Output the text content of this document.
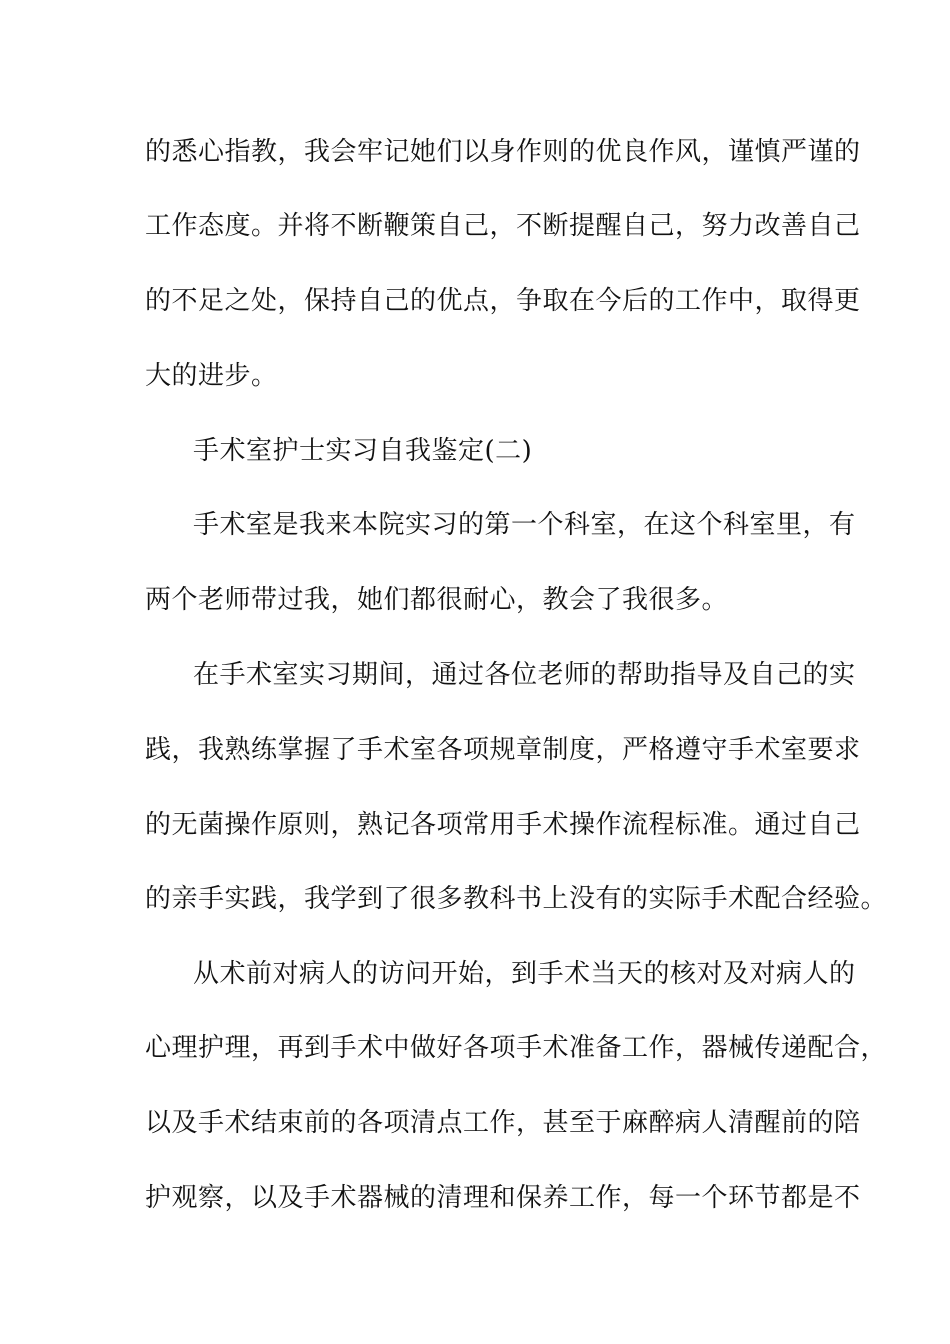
的悉心指教，我会牢记她们以身作则的优良作风，谨慎严谨的
工作态度。并将不断鞭策自己，不断提醒自己，努力改善自己
的不足之处，保持自己的优点，争取在今后的工作中，取得更
大的进步。
手术室护士实习自我鉴定(二)
手术室是我来本院实习的第一个科室，在这个科室里，有
两个老师带过我，她们都很耐心，教会了我很多。
在手术室实习期间，通过各位老师的帮助指导及自己的实
践，我熟练掌握了手术室各项规章制度，严格遵守手术室要求
的无菌操作原则，熟记各项常用手术操作流程标准。通过自己
的亲手实践，我学到了很多教科书上没有的实际手术配合经验。
从术前对病人的访问开始，到手术当天的核对及对病人的
心理护理，再到手术中做好各项手术准备工作，器械传递配合，
以及手术结束前的各项清点工作，甚至于麻醉病人清醒前的陪
护观察，以及手术器械的清理和保养工作，每一个环节都是不
